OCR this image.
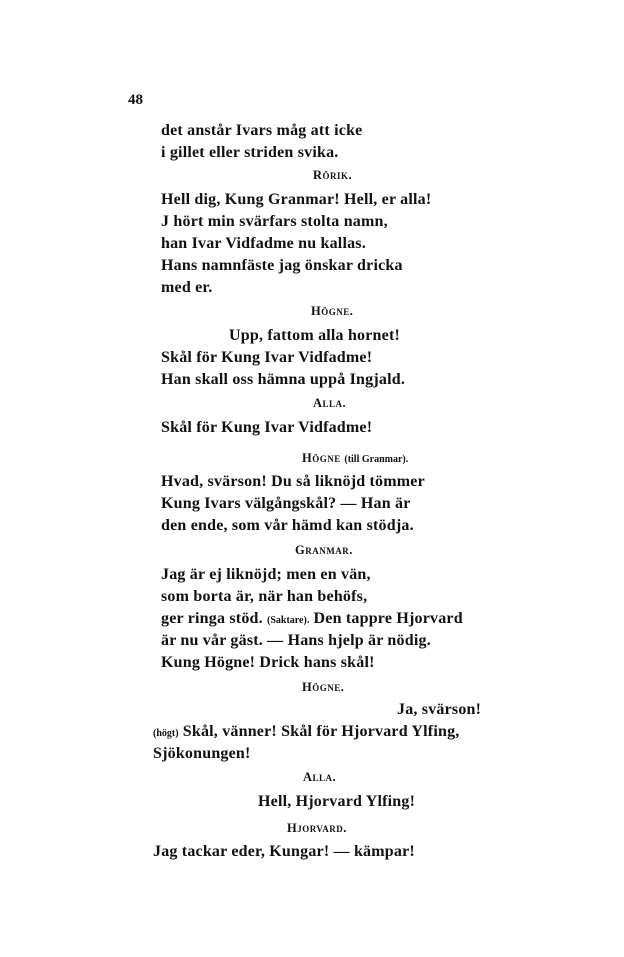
48
det anstår Ivars måg att icke
i gillet eller striden svika.
Rörik.
Hell dig, Kung Granmar! Hell, er alla!
J hört min svärfars stolta namn,
han Ivar Vidfadme nu kallas.
Hans namnfäste jag önskar dricka
med er.
Högne.
Upp, fattom alla hornet!
Skål för Kung Ivar Vidfadme!
Han skall oss hämna uppå Ingjald.
Alla.
Skål för Kung Ivar Vidfadme!
Högne (till Granmar).
Hvad, svärson! Du så liknöjd tömmer
Kung Ivars välgångskål? — Han är
den ende, som vår hämd kan stödja.
Granmar.
Jag är ej liknöjd; men en vän,
som borta är, när han behöfs,
ger ringa stöd. (Saktare). Den tappre Hjorvard
är nu vår gäst. — Hans hjelp är nödig.
Kung Högne! Drick hans skål!
Högne.
Ja, svärson!
(högt) Skål, vänner! Skål för Hjorvard Ylfing,
Sjökonungen!
Alla.
Hell, Hjorvard Ylfing!
Hjorvard.
Jag tackar eder, Kungar! — kämpar!
